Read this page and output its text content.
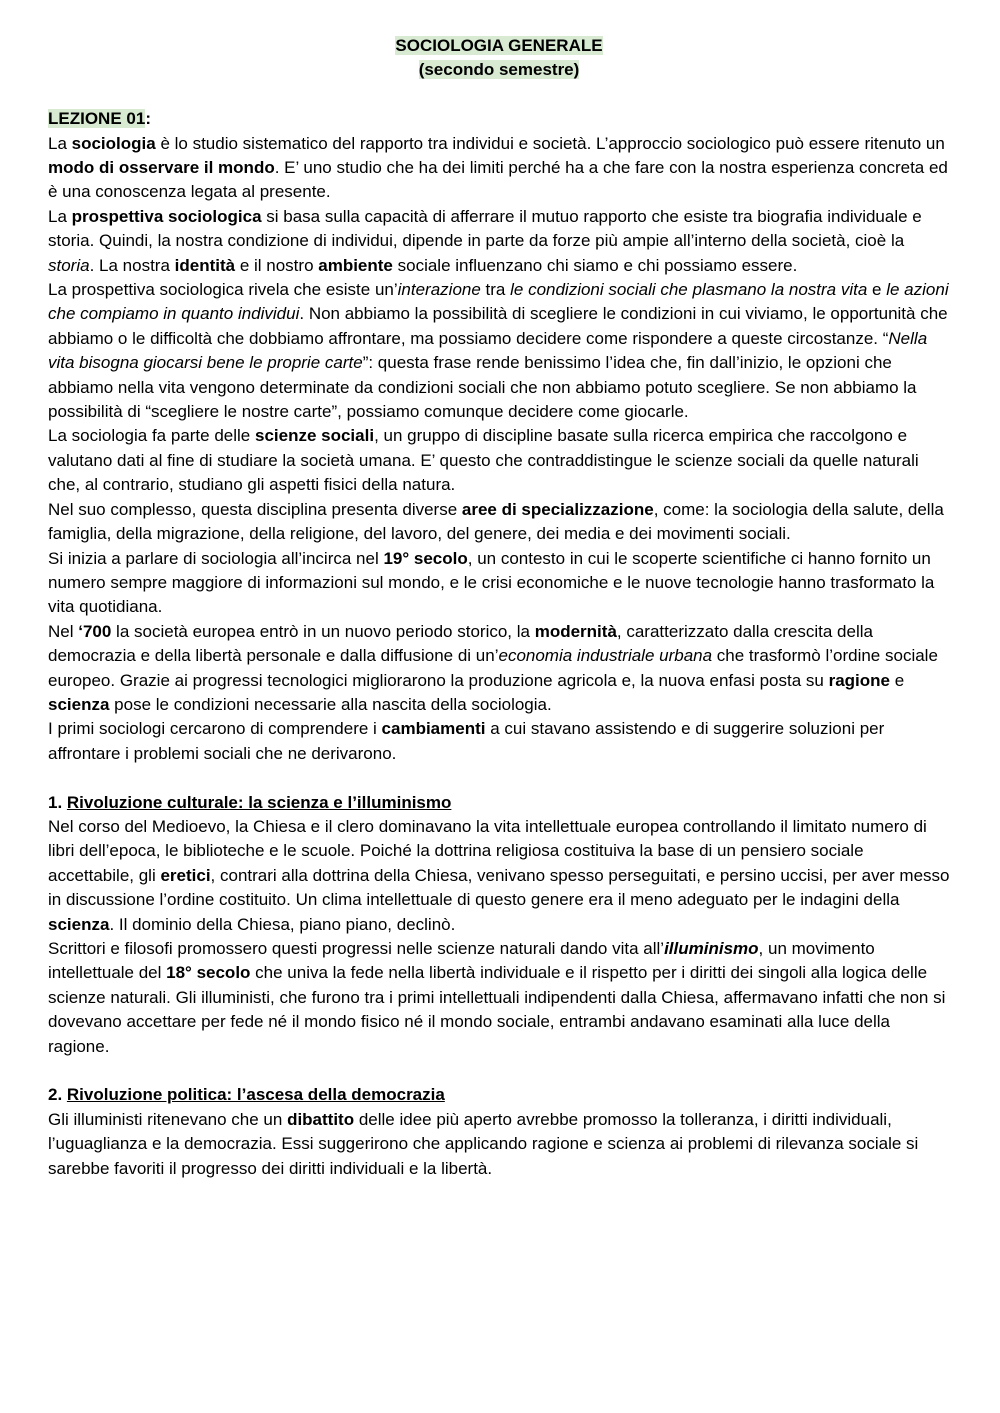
SOCIOLOGIA GENERALE
(secondo semestre)

LEZIONE 01:

La sociologia è lo studio sistematico del rapporto tra individui e società. L’approccio sociologico può essere ritenuto un modo di osservare il mondo. E’ uno studio che ha dei limiti perché ha a che fare con la nostra esperienza concreta ed è una conoscenza legata al presente.

La prospettiva sociologica si basa sulla capacità di afferrare il mutuo rapporto che esiste tra biografia individuale e storia. Quindi, la nostra condizione di individui, dipende in parte da forze più ampie all’interno della società, cioè la storia. La nostra identità e il nostro ambiente sociale influenzano chi siamo e chi possiamo essere.

La prospettiva sociologica rivela che esiste un’interazione tra le condizioni sociali che plasmano la nostra vita e le azioni che compiamo in quanto individui. Non abbiamo la possibilità di scegliere le condizioni in cui viviamo, le opportunità che abbiamo o le difficoltà che dobbiamo affrontare, ma possiamo decidere come rispondere a queste circostanze. “Nella vita bisogna giocarsi bene le proprie carte”: questa frase rende benissimo l’idea che, fin dall’inizio, le opzioni che abbiamo nella vita vengono determinate da condizioni sociali che non abbiamo potuto scegliere. Se non abbiamo la possibilità di “scegliere le nostre carte”, possiamo comunque decidere come giocarle.

La sociologia fa parte delle scienze sociali, un gruppo di discipline basate sulla ricerca empirica che raccolgono e valutano dati al fine di studiare la società umana. E’ questo che contraddistingue le scienze sociali da quelle naturali che, al contrario, studiano gli aspetti fisici della natura.

Nel suo complesso, questa disciplina presenta diverse aree di specializzazione, come: la sociologia della salute, della famiglia, della migrazione, della religione, del lavoro, del genere, dei media e dei movimenti sociali.

Si inizia a parlare di sociologia all’incirca nel 19° secolo, un contesto in cui le scoperte scientifiche ci hanno fornito un numero sempre maggiore di informazioni sul mondo, e le crisi economiche e le nuove tecnologie hanno trasformato la vita quotidiana.

Nel ‘700 la società europea entrò in un nuovo periodo storico, la modernità, caratterizzato dalla crescita della democrazia e della libertà personale e dalla diffusione di un’economia industriale urbana che trasformò l’ordine sociale europeo. Grazie ai progressi tecnologici migliorarono la produzione agricola e, la nuova enfasi posta su ragione e scienza pose le condizioni necessarie alla nascita della sociologia.

I primi sociologi cercarono di comprendere i cambiamenti a cui stavano assistendo e di suggerire soluzioni per affrontare i problemi sociali che ne derivarono.

1. Rivoluzione culturale: la scienza e l’illuminismo

Nel corso del Medioevo, la Chiesa e il clero dominavano la vita intellettuale europea controllando il limitato numero di libri dell’epoca, le biblioteche e le scuole. Poiché la dottrina religiosa costituiva la base di un pensiero sociale accettabile, gli eretici, contrari alla dottrina della Chiesa, venivano spesso perseguitati, e persino uccisi, per aver messo in discussione l’ordine costituito. Un clima intellettuale di questo genere era il meno adeguato per le indagini della scienza. Il dominio della Chiesa, piano piano, declinò.

Scrittori e filosofi promossero questi progressi nelle scienze naturali dando vita all’illuminismo, un movimento intellettuale del 18° secolo che univa la fede nella libertà individuale e il rispetto per i diritti dei singoli alla logica delle scienze naturali. Gli illuministi, che furono tra i primi intellettuali indipendenti dalla Chiesa, affermavano infatti che non si dovevano accettare per fede né il mondo fisico né il mondo sociale, entrambi andavano esaminati alla luce della ragione.

2. Rivoluzione politica: l’ascesa della democrazia

Gli illuministi ritenevano che un dibattito delle idee più aperto avrebbe promosso la tolleranza, i diritti individuali, l’uguaglianza e la democrazia. Essi suggerirono che applicando ragione e scienza ai problemi di rilevanza sociale si sarebbe favoriti il progresso dei diritti individuali e la libertà.
